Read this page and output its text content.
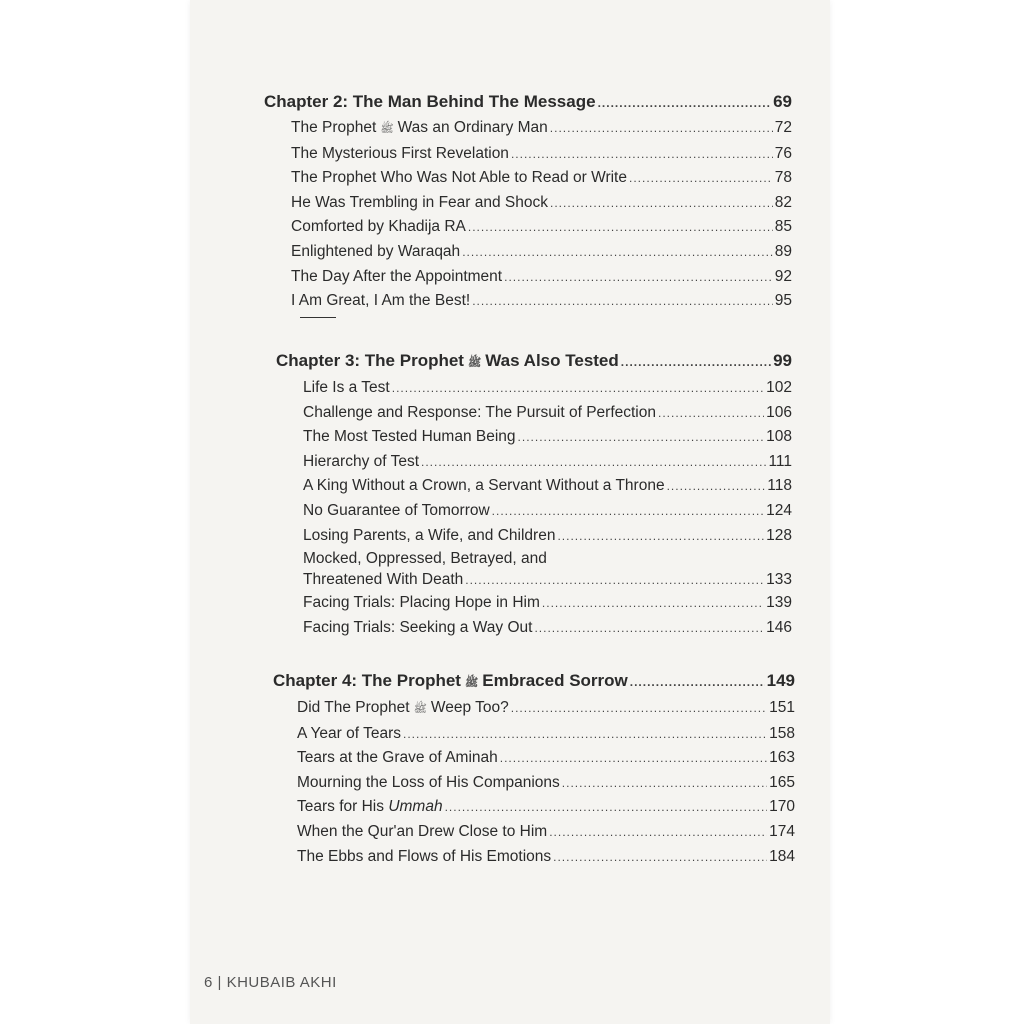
Chapter 2: The Man Behind The Message .....	69
The Prophet ﷺ Was an Ordinary Man .....	72
The Mysterious First Revelation .....	76
The Prophet Who Was Not Able to Read or Write .....	78
He Was Trembling in Fear and Shock .....	82
Comforted by Khadija RA .....	85
Enlightened by Waraqah .....	89
The Day After the Appointment .....	92
I Am Great, I Am the Best! .....	95
Chapter 3: The Prophet ﷺ Was Also Tested .....	99
Life Is a Test .....	102
Challenge and Response: The Pursuit of Perfection .....	106
The Most Tested Human Being .....	108
Hierarchy of Test .....	111
A King Without a Crown, a Servant Without a Throne .....	118
No Guarantee of Tomorrow .....	124
Losing Parents, a Wife, and Children .....	128
Mocked, Oppressed, Betrayed, and
Threatened With Death .....	133
Facing Trials: Placing Hope in Him .....	139
Facing Trials: Seeking a Way Out .....	146
Chapter 4: The Prophet ﷺ Embraced Sorrow .....	149
Did The Prophet ﷺ Weep Too? .....	151
A Year of Tears .....	158
Tears at the Grave of Aminah .....	163
Mourning the Loss of His Companions .....	165
Tears for His Ummah .....	170
When the Qur'an Drew Close to Him .....	174
The Ebbs and Flows of His Emotions .....	184
6 | KHUBAIB AKHI
